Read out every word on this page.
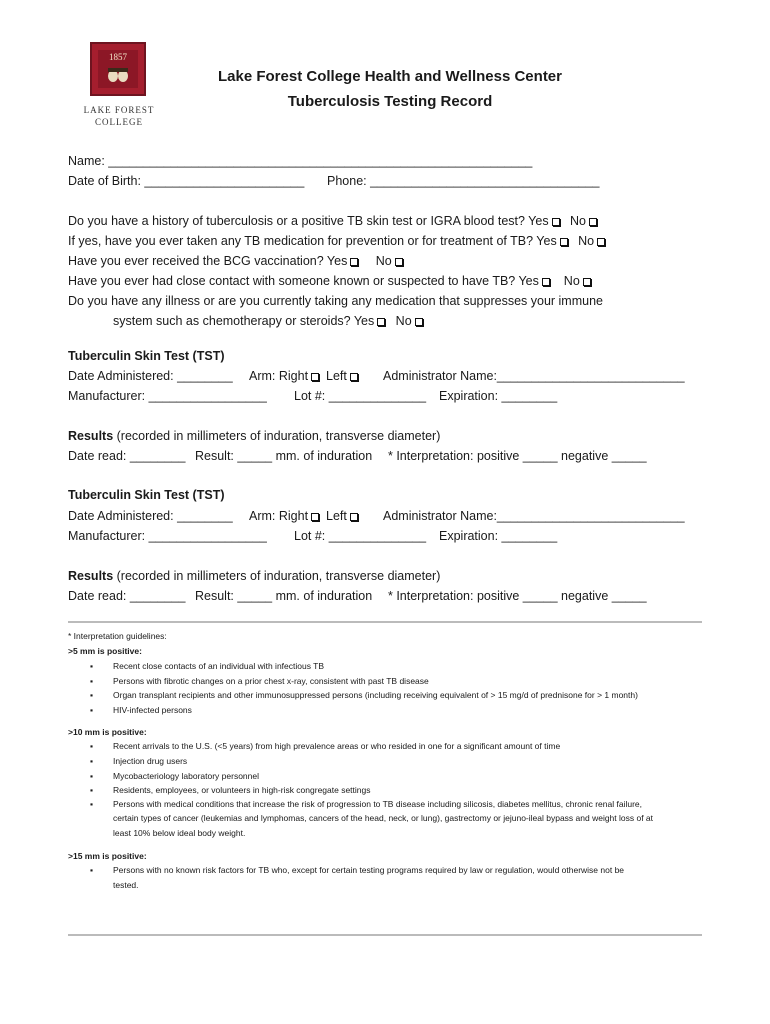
1857
LAKE FOREST
COLLEGE
Lake Forest College Health and Wellness Center
Tuberculosis Testing Record
Name: _____________________________________________________________
Date of Birth: _______________________ Phone: _________________________________
Do you have a history of tuberculosis or a positive TB skin test or IGRA blood test? Yes No
If yes, have you ever taken any TB medication for prevention or for treatment of TB? Yes No
Have you ever received the BCG vaccination? Yes No
Have you ever had close contact with someone known or suspected to have TB? Yes No
Do you have any illness or are you currently taking any medication that suppresses your immune
system such as chemotherapy or steroids? Yes No
Tuberculin Skin Test (TST)
Date Administered: ________ Arm: Right Left	Administrator Name:___________________________
Manufacturer: _________________ Lot #: ______________ Expiration: ________
Results (recorded in millimeters of induration, transverse diameter)
Date read: ________ Result: _____ mm. of induration * Interpretation: positive _____ negative _____
Tuberculin Skin Test (TST)
Date Administered: ________ Arm: Right Left	Administrator Name:___________________________
Manufacturer: _________________ Lot #: ______________ Expiration: ________
Results (recorded in millimeters of induration, transverse diameter)
Date read: ________ Result: _____ mm. of induration * Interpretation: positive _____ negative _____
* Interpretation guidelines:
>5 mm is positive:
▪ Recent close contacts of an individual with infectious TB
▪ Persons with fibrotic changes on a prior chest x-ray, consistent with past TB disease
▪ Organ transplant recipients and other immunosuppressed persons (including receiving equivalent of > 15 mg/d of prednisone for > 1 month)
▪ HIV-infected persons
>10 mm is positive:
▪ Recent arrivals to the U.S. (<5 years) from high prevalence areas or who resided in one for a significant amount of time
▪ Injection drug users
▪ Mycobacteriology laboratory personnel
▪ Residents, employees, or volunteers in high-risk congregate settings
▪ Persons with medical conditions that increase the risk of progression to TB disease including silicosis, diabetes mellitus, chronic renal failure,
certain types of cancer (leukemias and lymphomas, cancers of the head, neck, or lung), gastrectomy or jejuno-ileal bypass and weight loss of at
least 10% below ideal body weight.
>15 mm is positive:
▪ Persons with no known risk factors for TB who, except for certain testing programs required by law or regulation, would otherwise not be
tested.
